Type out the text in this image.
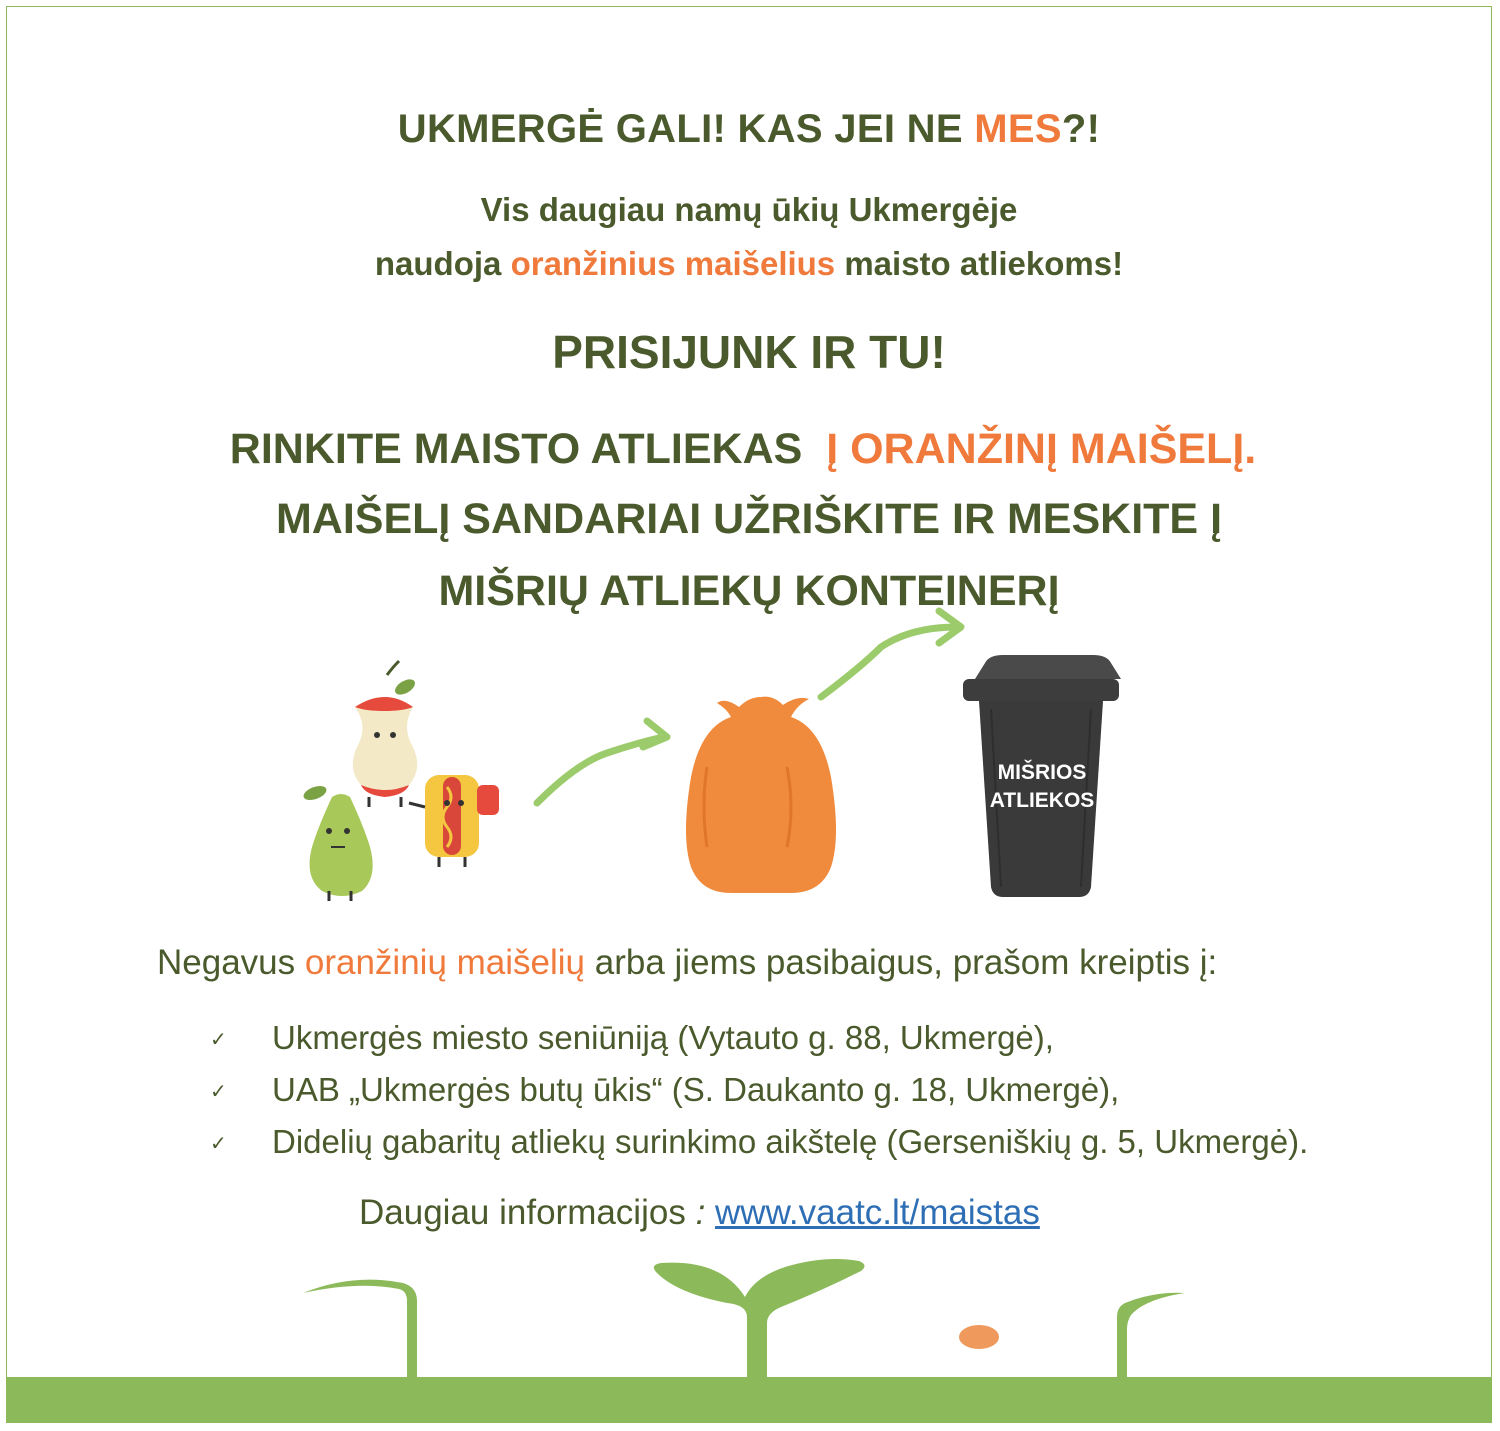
UKMERGĖ GALI! KAS JEI NE MES?!
Vis daugiau namų ūkių Ukmergėje
naudoja oranžinius maišelius maisto atliekoms!
PRISIJUNK IR TU!
RINKITE MAISTO ATLIEKAS  Į ORANŽINĮ MAIŠELĮ.
MAIŠELĮ SANDARIAI UŽRIŠKITE IR MESKITE Į
MIŠRIŲ ATLIEKŲ KONTEINERĮ
MIŠRIOS
ATLIEKOS
Negavus oranžinių maišelių arba jiems pasibaigus, prašom kreiptis į:
✓ Ukmergės miesto seniūniją (Vytauto g. 88, Ukmergė),
✓ UAB „Ukmergės butų ūkis“ (S. Daukanto g. 18, Ukmergė),
✓ Didelių gabaritų atliekų surinkimo aikštelę (Gerseniškių g. 5, Ukmergė).
Daugiau informacijos : www.vaatc.lt/maistas
